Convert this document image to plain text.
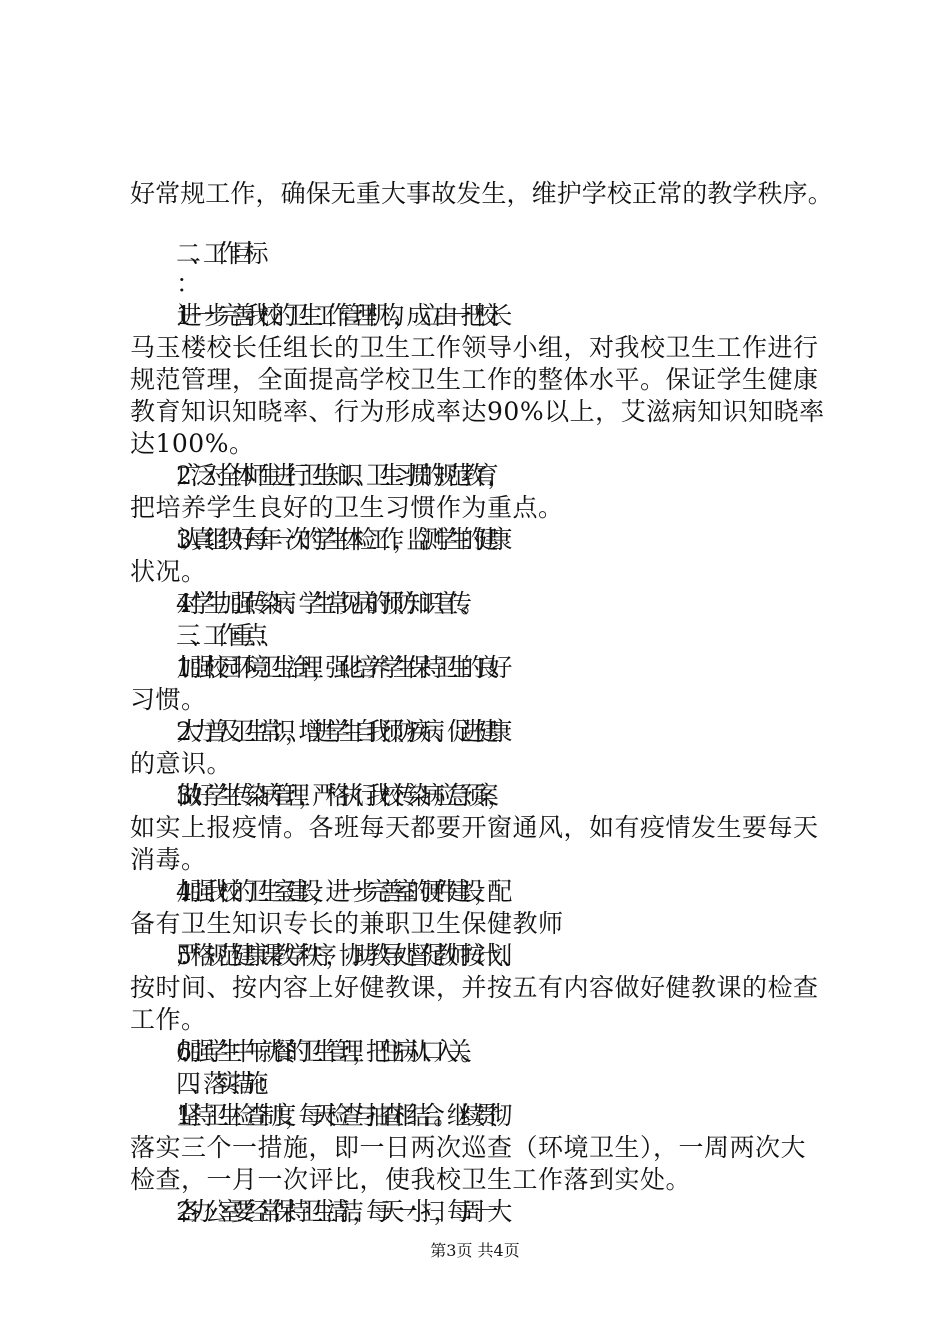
好常规工作，确保无重大事故发生，维护学校正常的教学秩序。
二、工作目标
：
1.进一步完善我校的卫生工作管理机构，成立由一把校长
马玉楼校长任组长的卫生工作领导小组，对我校卫生工作进行
规范管理，全面提高学校卫生工作的整体水平。保证学生健康
教育知识知晓率、行为形成率达90%以上，艾滋病知识知晓率
达100%。
2.广泛对全体师生进行卫生知识、卫生习惯的规范教育，
把培养学生良好的卫生习惯作为重点。
3.认真组织好每年一次的学生体检工作，监测学生的健康
状况。
4.对学生加强传染病、学生常见病的预防知识宣传。
三、工作重点：
1.加强校园环境卫生治理，强化培养学生保持卫生的良好
习惯。
2.大力普及卫生常识，增进学生自我预防疾病、促进健康
的意识。
3.做好学生传染病管理，严格执行我校传染病应急预案，
如实上报疫情。各班每天都要开窗通风，如有疫情发生要每天
消毒。
4.加强我校的卫生室建设，进一步完善室的硬件建设，配
备有卫生知识专长的兼职卫生保健教师
5.严格规范健康课教学秩序，协助教导处督促教师按计划、
按时间、按内容上好健教课，并按五有内容做好健教课的检查
工作。
6.加强学生中午就餐的卫生管理，把住病从口入关。
四、落实措施：
1.坚持卫生检查制度，每天检查与抽查相结合。继续贯彻
落实三个一措施，即一日两次巡查（环境卫生），一周两次大
检查，一月一次评比，使我校卫生工作落到实处。
2.各办公室要经常保持卫生清洁，每天一小扫，每周一大
第3页 共4页
